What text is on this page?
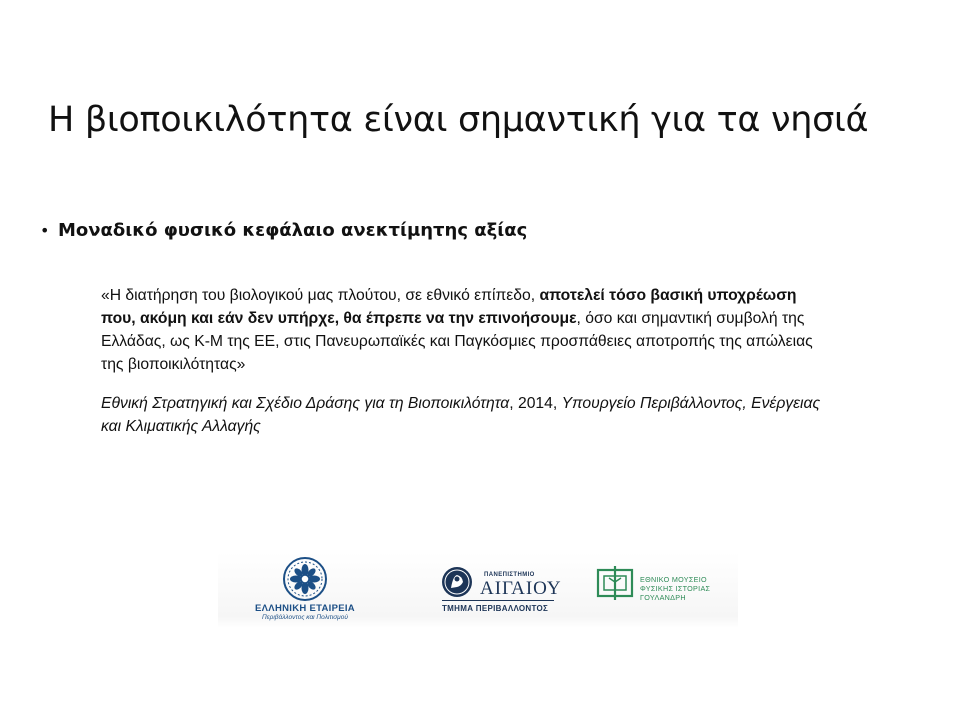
Η βιοποικιλότητα είναι σημαντική για τα νησιά
• Μοναδικό φυσικό κεφάλαιο ανεκτίμητης αξίας

«Η διατήρηση του βιολογικού μας πλούτου, σε εθνικό επίπεδο, αποτελεί τόσο βασική υποχρέωση που, ακόμη και εάν δεν υπήρχε, θα έπρεπε να την επινοήσουμε, όσο και σημαντική συμβολή της Ελλάδας, ως Κ-Μ της ΕΕ, στις Πανευρωπαϊκές και Παγκόσμιες προσπάθειες αποτροπής της απώλειας της βιοποικιλότητας»

Εθνική Στρατηγική και Σχέδιο Δράσης για τη Βιοποικιλότητα, 2014, Υπουργείο Περιβάλλοντος, Ενέργειας και Κλιματικής Αλλαγής

ΕΛΛΗΝΙΚΗ ΕΤΑΙΡΕΙΑ
Περιβάλλοντος και Πολιτισμού
ΠΑΝΕΠΙΣΤΗΜΙΟ
ΑΙΓΑΙΟΥ
ΤΜΗΜΑ ΠΕΡΙΒΑΛΛΟΝΤΟΣ
ΕΘΝΙΚΟ ΜΟΥΣΕΙΟ
ΦΥΣΙΚΗΣ ΙΣΤΟΡΙΑΣ
ΓΟΥΛΑΝΔΡΗ
